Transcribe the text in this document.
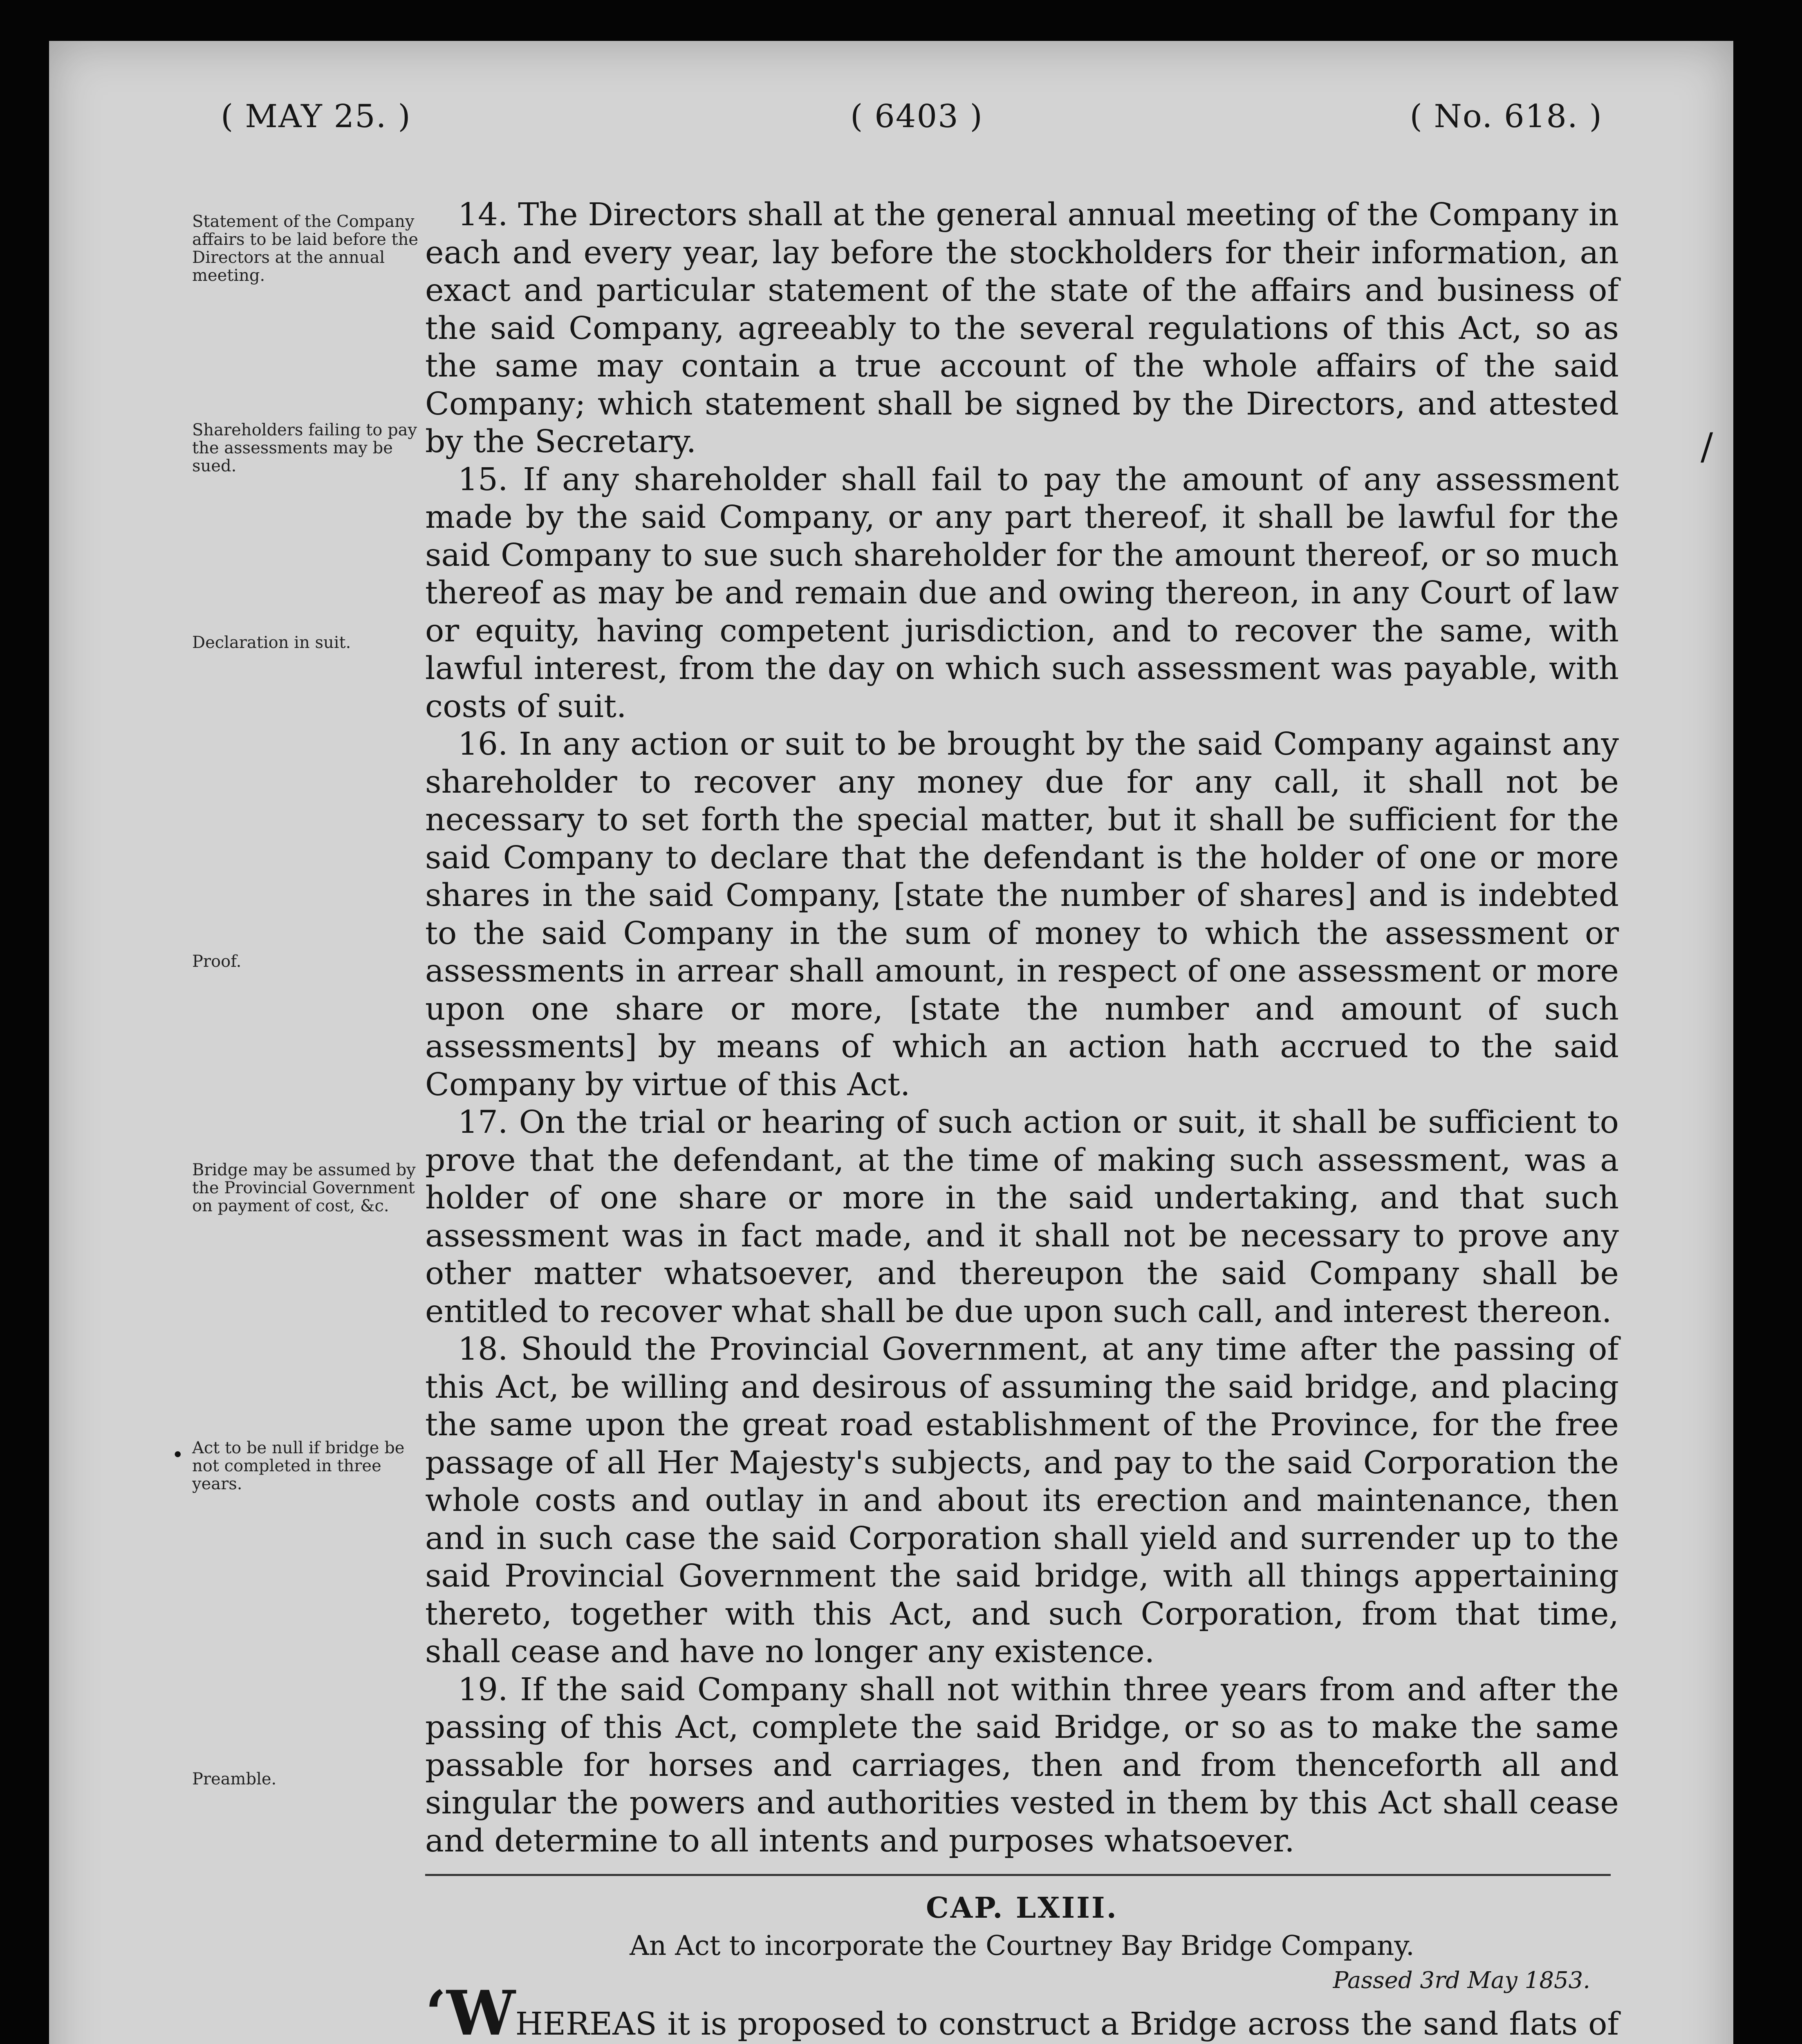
( MAY 25. )	( 6403 )	( No. 618. )
Statement of the Company affairs to be laid before the Directors at the annual meeting.
Shareholders failing to pay the assessments may be sued.
Declaration in suit.
Proof.
Bridge may be assumed by the Provincial Government on payment of cost, &c.
Act to be null if bridge be not completed in three years.
Preamble.
/
•

14. The Directors shall at the general annual meeting of the Company in each and every year, lay before the stockholders for their information, an exact and particular statement of the state of the affairs and business of the said Company, agreeably to the several regulations of this Act, so as the same may contain a true account of the whole affairs of the said Company; which statement shall be signed by the Directors, and attested by the Secretary.

15. If any shareholder shall fail to pay the amount of any assessment made by the said Company, or any part thereof, it shall be lawful for the said Company to sue such shareholder for the amount thereof, or so much thereof as may be and remain due and owing thereon, in any Court of law or equity, having competent jurisdiction, and to recover the same, with lawful interest, from the day on which such assessment was payable, with costs of suit.

16. In any action or suit to be brought by the said Company against any shareholder to recover any money due for any call, it shall not be necessary to set forth the special matter, but it shall be sufficient for the said Company to declare that the defendant is the holder of one or more shares in the said Company, [state the number of shares] and is indebted to the said Company in the sum of money to which the assessment or assessments in arrear shall amount, in respect of one assessment or more upon one share or more, [state the number and amount of such assessments] by means of which an action hath accrued to the said Company by virtue of this Act.

17. On the trial or hearing of such action or suit, it shall be sufficient to prove that the defendant, at the time of making such assessment, was a holder of one share or more in the said undertaking, and that such assessment was in fact made, and it shall not be necessary to prove any other matter whatsoever, and thereupon the said Company shall be entitled to recover what shall be due upon such call, and interest thereon.

18. Should the Provincial Government, at any time after the passing of this Act, be willing and desirous of assuming the said bridge, and placing the same upon the great road establishment of the Province, for the free passage of all Her Majesty's subjects, and pay to the said Corporation the whole costs and outlay in and about its erection and maintenance, then and in such case the said Corporation shall yield and surrender up to the said Provincial Government the said bridge, with all things appertaining thereto, together with this Act, and such Corporation, from that time, shall cease and have no longer any existence.

19. If the said Company shall not within three years from and after the passing of this Act, complete the said Bridge, or so as to make the same passable for horses and carriages, then and from thenceforth all and singular the powers and authorities vested in them by this Act shall cease and determine to all intents and purposes whatsoever.

CAP. LXIII.
An Act to incorporate the Courtney Bay Bridge Company.
Passed 3rd May 1853.

‘WHEREAS it is proposed to construct a Bridge across the sand flats of
